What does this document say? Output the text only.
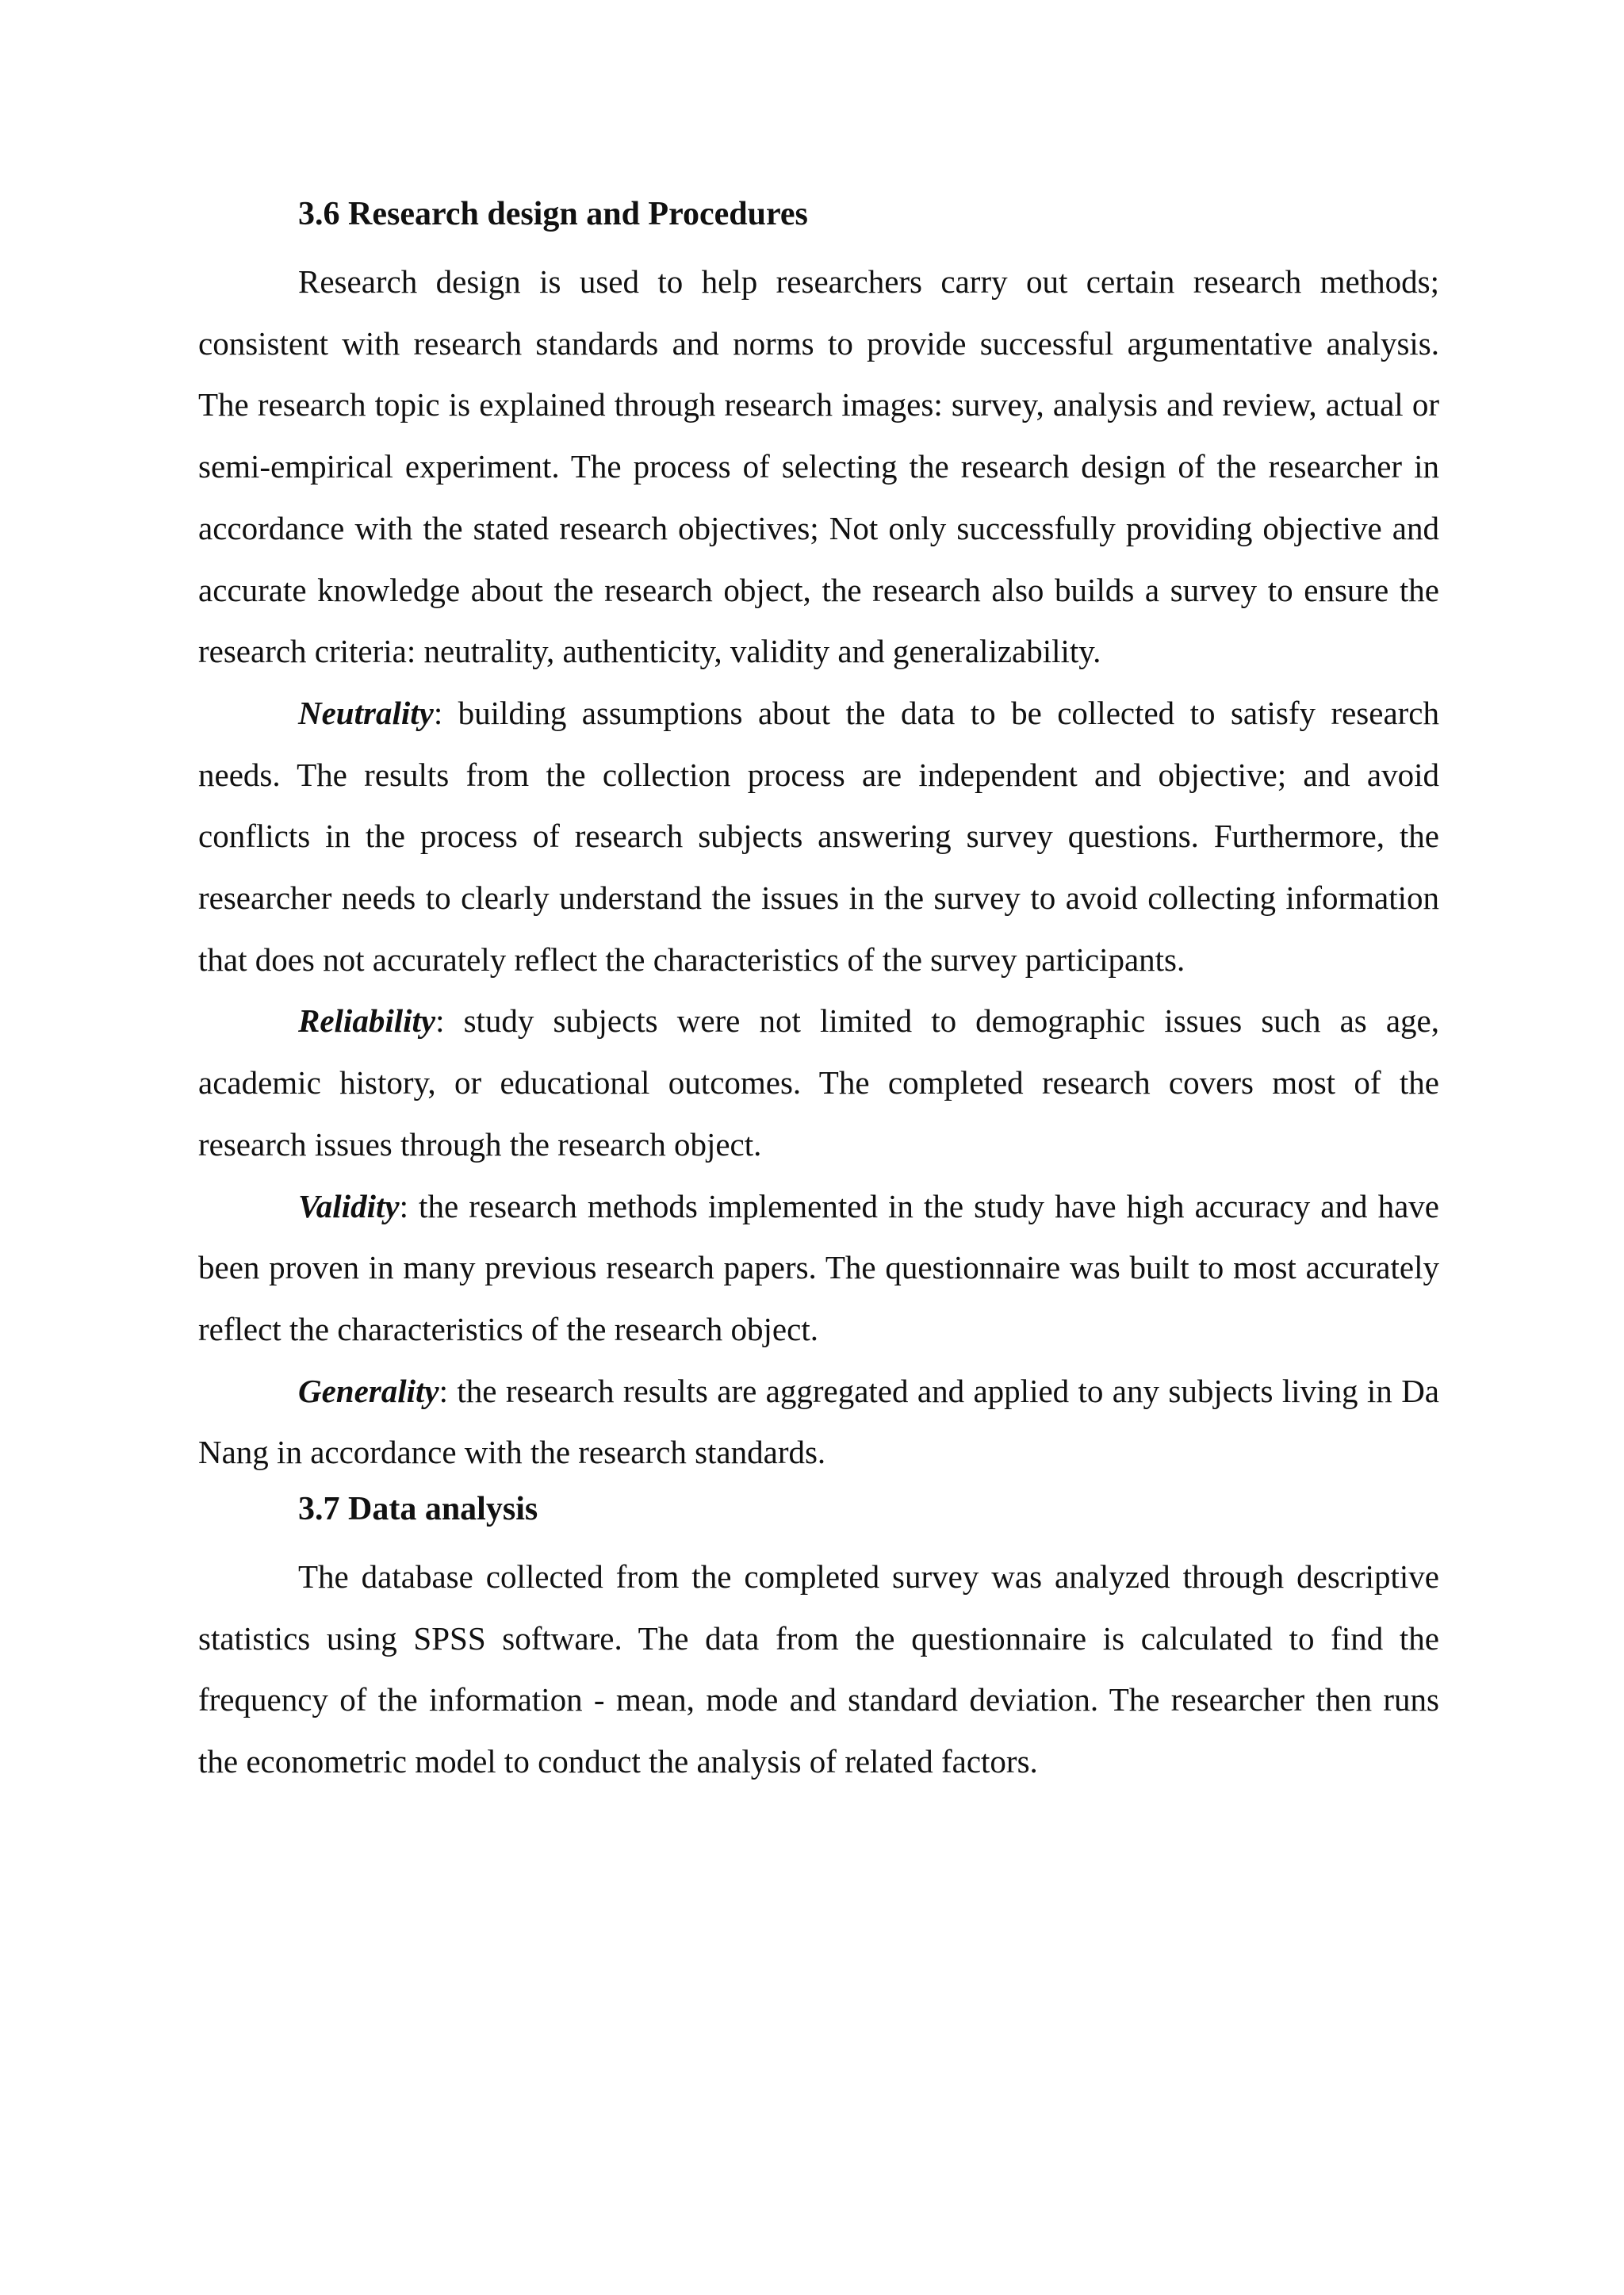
3.6 Research design and Procedures

Research design is used to help researchers carry out certain research methods; consistent with research standards and norms to provide successful argumentative analysis. The research topic is explained through research images: survey, analysis and review, actual or semi-empirical experiment. The process of selecting the research design of the researcher in accordance with the stated research objectives; Not only successfully providing objective and accurate knowledge about the research object, the research also builds a survey to ensure the research criteria: neutrality, authenticity, validity and generalizability.

Neutrality: building assumptions about the data to be collected to satisfy research needs. The results from the collection process are independent and objective; and avoid conflicts in the process of research subjects answering survey questions. Furthermore, the researcher needs to clearly understand the issues in the survey to avoid collecting information that does not accurately reflect the characteristics of the survey participants.

Reliability: study subjects were not limited to demographic issues such as age, academic history, or educational outcomes. The completed research covers most of the research issues through the research object.

Validity: the research methods implemented in the study have high accuracy and have been proven in many previous research papers. The questionnaire was built to most accurately reflect the characteristics of the research object.

Generality: the research results are aggregated and applied to any subjects living in Da Nang in accordance with the research standards.

3.7 Data analysis

The database collected from the completed survey was analyzed through descriptive statistics using SPSS software. The data from the questionnaire is calculated to find the frequency of the information - mean, mode and standard deviation. The researcher then runs the econometric model to conduct the analysis of related factors.
